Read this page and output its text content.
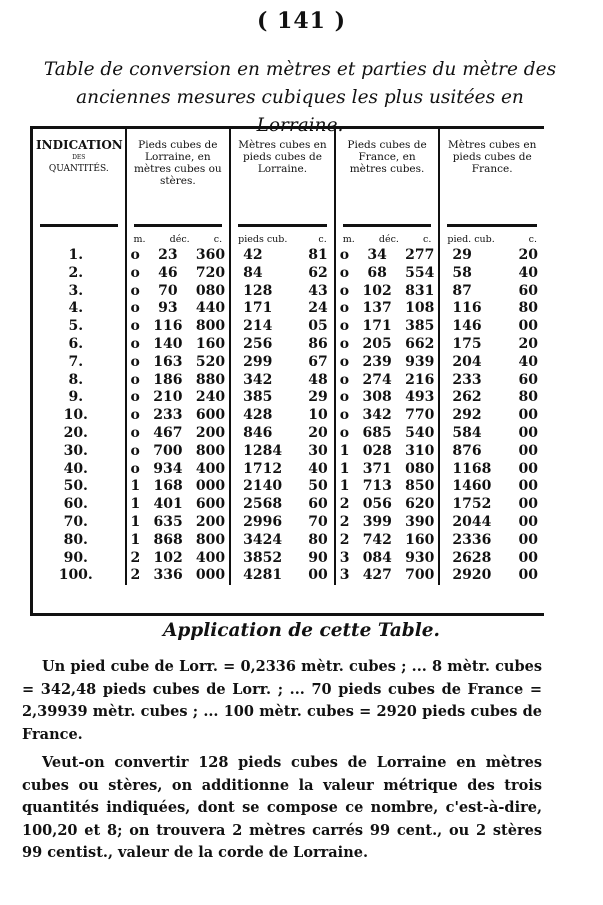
( 141 )
Table de conversion en mètres et parties du mètre des
anciennes mesures cubiques les plus usitées en Lorraine.
INDICATION
des
QUANTITÉS.	Pieds cubes de Lorraine, en mètres cubes ou stères.	Mètres cubes en pieds cubes de Lorraine.	Pieds cubes de France, en mètres cubes.	Mètres cubes en pieds cubes de France.

	m. déc. c.	pieds cub. c.	m. déc. c.	pied. cub. c.

1.	o 23 360	42 81	o 34 277	29 20

2.	o 46 720	84 62	o 68 554	58 40

3.	o 70 080	128 43	o 102 831	87 60

4.	o 93 440	171 24	o 137 108	116 80

5.	o 116 800	214 05	o 171 385	146 00

6.	o 140 160	256 86	o 205 662	175 20

7.	o 163 520	299 67	o 239 939	204 40

8.	o 186 880	342 48	o 274 216	233 60

9.	o 210 240	385 29	o 308 493	262 80

10.	o 233 600	428 10	o 342 770	292 00

20.	o 467 200	846 20	o 685 540	584 00

30.	o 700 800	1284 30	1 028 310	876 00

40.	o 934 400	1712 40	1 371 080	1168 00

50.	1 168 000	2140 50	1 713 850	1460 00

60.	1 401 600	2568 60	2 056 620	1752 00

70.	1 635 200	2996 70	2 399 390	2044 00

80.	1 868 800	3424 80	2 742 160	2336 00

90.	2 102 400	3852 90	3 084 930	2628 00

100.	2 336 000	4281 00	3 427 700	2920 00
Application de cette Table.
Un pied cube de Lorr. = 0,2336 mètr. cubes ; ... 8 mètr. cubes = 342,48 pieds cubes de Lorr. ; ... 70 pieds cubes de France = 2,39939 mètr. cubes ; ... 100 mètr. cubes = 2920 pieds cubes de France.
Veut-on convertir 128 pieds cubes de Lorraine en mètres cubes ou stères, on additionne la valeur métrique des trois quantités indiquées, dont se compose ce nombre, c'est-à-dire, 100,20 et 8; on trouvera 2 mètres carrés 99 cent., ou 2 stères 99 centist., valeur de la corde de Lorraine.
